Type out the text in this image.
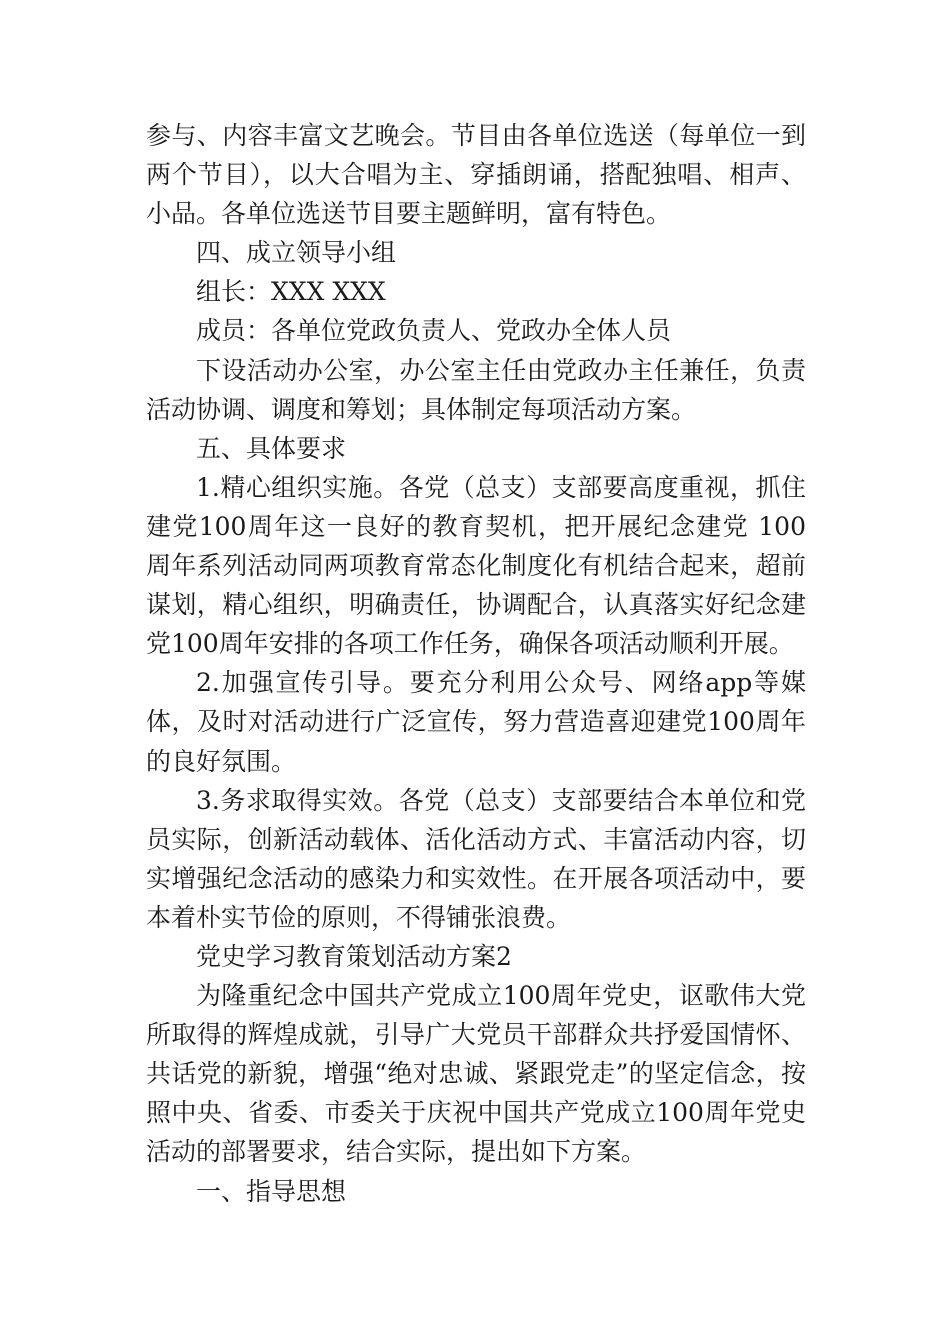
参与、内容丰富文艺晚会。节目由各单位选送（每单位一到两个节目），以大合唱为主、穿插朗诵，搭配独唱、相声、小品。各单位选送节目要主题鲜明，富有特色。

四、成立领导小组

组长：XXX XXX

成员：各单位党政负责人、党政办全体人员

下设活动办公室，办公室主任由党政办主任兼任，负责活动协调、调度和筹划；具体制定每项活动方案。

五、具体要求

1.精心组织实施。各党（总支）支部要高度重视，抓住建党100周年这一良好的教育契机，把开展纪念建党 100 周年系列活动同两项教育常态化制度化有机结合起来，超前谋划，精心组织，明确责任，协调配合，认真落实好纪念建党100周年安排的各项工作任务，确保各项活动顺利开展。

2.加强宣传引导。要充分利用公众号、网络app等媒体，及时对活动进行广泛宣传，努力营造喜迎建党100周年的良好氛围。

3.务求取得实效。各党（总支）支部要结合本单位和党员实际，创新活动载体、活化活动方式、丰富活动内容，切实增强纪念活动的感染力和实效性。在开展各项活动中，要本着朴实节俭的原则，不得铺张浪费。

党史学习教育策划活动方案2

为隆重纪念中国共产党成立100周年党史，讴歌伟大党所取得的辉煌成就，引导广大党员干部群众共抒爱国情怀、共话党的新貌，增强“绝对忠诚、紧跟党走”的坚定信念，按照中央、省委、市委关于庆祝中国共产党成立100周年党史活动的部署要求，结合实际，提出如下方案。

一、指导思想
